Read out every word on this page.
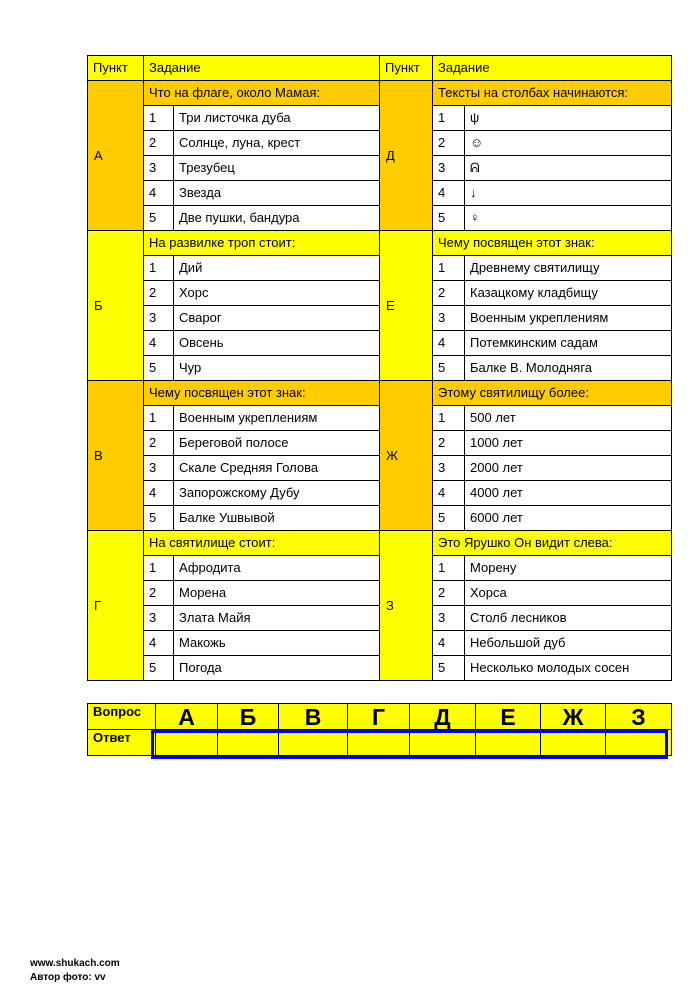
Пункт	Задание		Пункт	Задание	
А	Что на флаге, около Мамая:		Д	Тексты на столбах начинаются:	
	1	Три листочка дуба		1	ψ
	2	Солнце, луна, крест		2	☺
	3	Трезубец		3	ᕱ
	4	Звезда		4	↓
	5	Две пушки, бандура		5	♀
Б	На развилке троп стоит:		Е	Чему посвящен этот знак:	
	1	Дий		1	Древнему святилищу
	2	Хорс		2	Казацкому кладбищу
	3	Сварог		3	Военным укреплениям
	4	Овсень		4	Потемкинским садам
	5	Чур		5	Балке В. Молодняга
В	Чему посвящен этот знак:		Ж	Этому святилищу более:	
	1	Военным укреплениям		1	500 лет
	2	Береговой полосе		2	1000 лет
	3	Скале Средняя Голова		3	2000 лет
	4	Запорожскому Дубу		4	4000 лет
	5	Балке Ушвывой		5	6000 лет
Г	На святилище стоит:		З	Это Ярушко Он видит слева:	
	1	Афродита		1	Морену
	2	Морена		2	Хорса
	3	Злата Майя		3	Столб лесников
	4	Макожь		4	Небольшой дуб
	5	Погода		5	Несколько молодых сосен
Вопрос	А	Б	В	Г	Д	Е	Ж	З
Ответ								
www.shukach.com
Автор фото: vv
